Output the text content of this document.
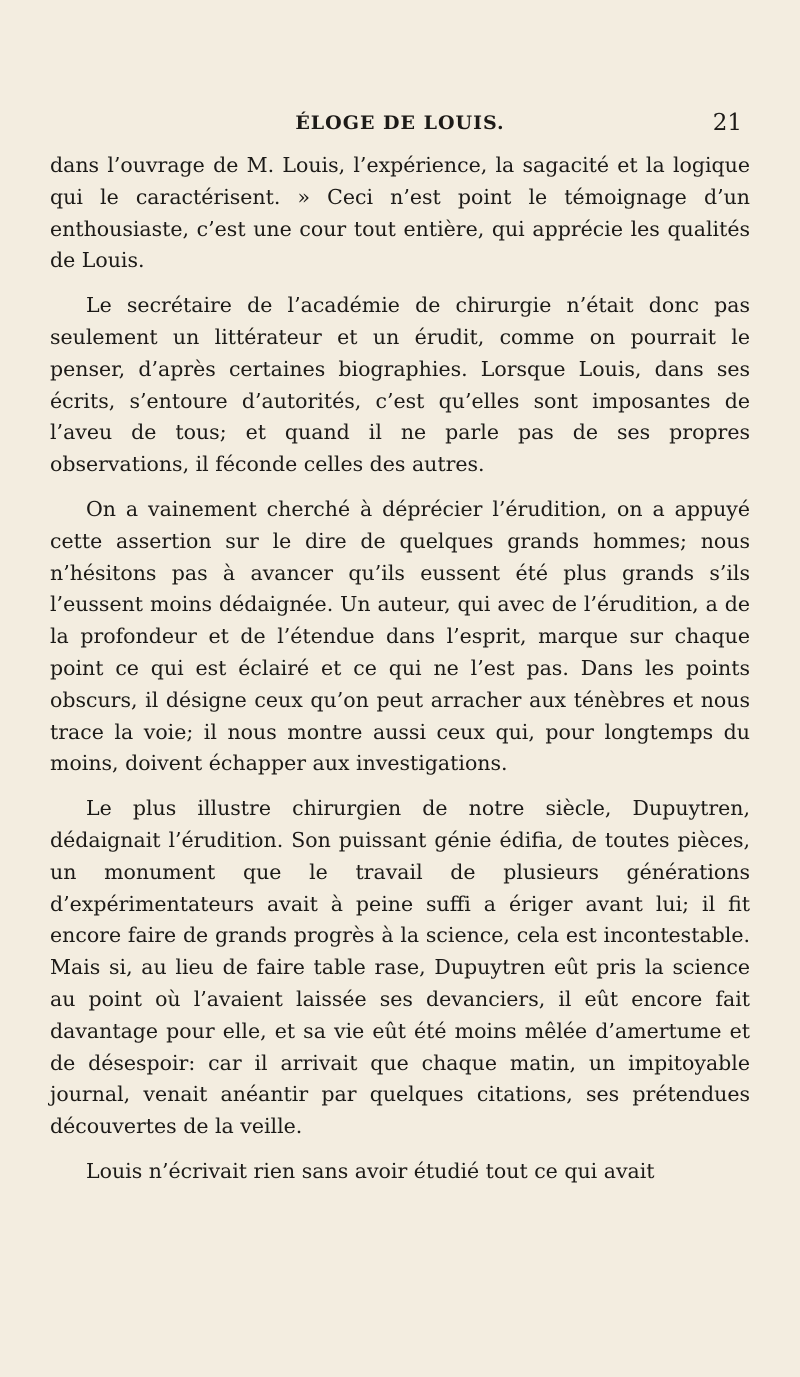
ÉLOGE DE LOUIS.	21

dans l’ouvrage de M. Louis, l’expérience, la sagacité et la logique qui le caractérisent. » Ceci n’est point le témoignage d’un enthousiaste, c’est une cour tout entière, qui apprécie les qualités de Louis.

Le secrétaire de l’académie de chirurgie n’était donc pas seulement un littérateur et un érudit, comme on pourrait le penser, d’après certaines biographies. Lorsque Louis, dans ses écrits, s’entoure d’autorités, c’est qu’elles sont imposantes de l’aveu de tous; et quand il ne parle pas de ses propres observations, il féconde celles des autres.

On a vainement cherché à déprécier l’érudition, on a appuyé cette assertion sur le dire de quelques grands hommes; nous n’hésitons pas à avancer qu’ils eussent été plus grands s’ils l’eussent moins dédaignée. Un auteur, qui avec de l’érudition, a de la profondeur et de l’étendue dans l’esprit, marque sur chaque point ce qui est éclairé et ce qui ne l’est pas. Dans les points obscurs, il désigne ceux qu’on peut arracher aux ténèbres et nous trace la voie; il nous montre aussi ceux qui, pour longtemps du moins, doivent échapper aux investigations.

Le plus illustre chirurgien de notre siècle, Dupuytren, dédaignait l’érudition. Son puissant génie édifia, de toutes pièces, un monument que le travail de plusieurs générations d’expérimentateurs avait à peine suffi a ériger avant lui; il fit encore faire de grands progrès à la science, cela est incontestable. Mais si, au lieu de faire table rase, Dupuytren eût pris la science au point où l’avaient laissée ses devanciers, il eût encore fait davantage pour elle, et sa vie eût été moins mêlée d’amertume et de désespoir: car il arrivait que chaque matin, un impitoyable journal, venait anéantir par quelques citations, ses prétendues découvertes de la veille.

Louis n’écrivait rien sans avoir étudié tout ce qui avait
